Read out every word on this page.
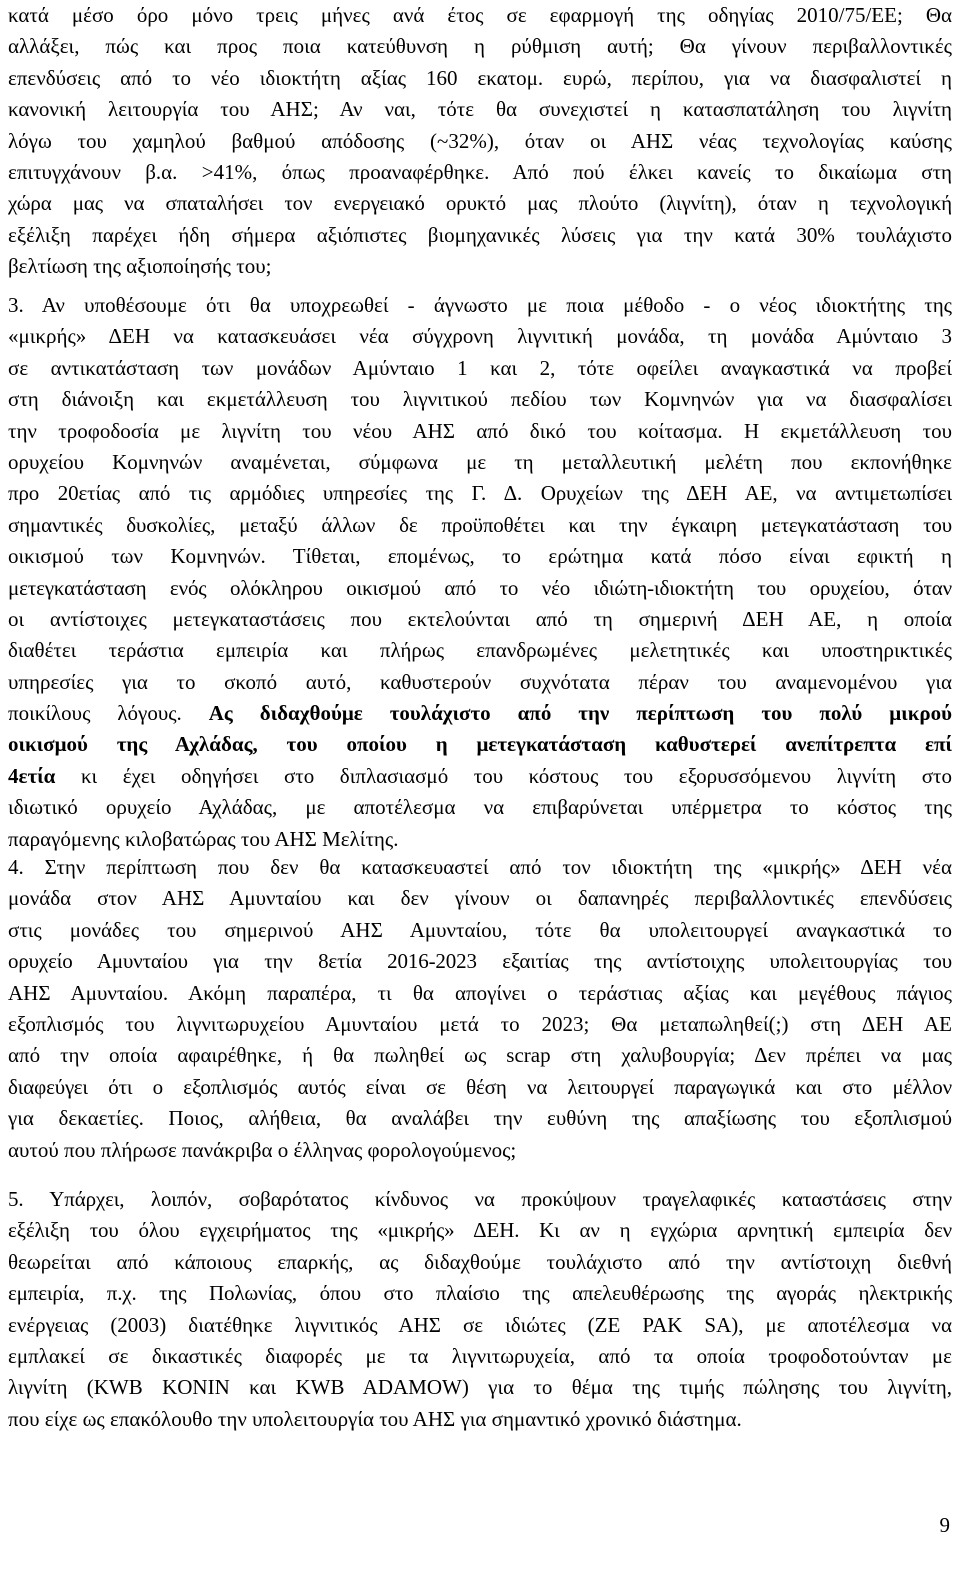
κατά μέσο όρο μόνο τρεις μήνες ανά έτος σε εφαρμογή της οδηγίας 2010/75/ΕΕ; Θα
αλλάξει, πώς και προς ποια κατεύθυνση η ρύθμιση αυτή; Θα γίνουν περιβαλλοντικές
επενδύσεις από το νέο ιδιοκτήτη αξίας 160 εκατομ. ευρώ, περίπου, για να διασφαλιστεί η
κανονική λειτουργία του ΑΗΣ; Αν ναι, τότε θα συνεχιστεί η κατασπατάληση του λιγνίτη
λόγω του χαμηλού βαθμού απόδοσης (~32%), όταν οι ΑΗΣ νέας τεχνολογίας καύσης
επιτυγχάνουν β.α. >41%, όπως προαναφέρθηκε. Από πού έλκει κανείς το δικαίωμα στη
χώρα μας να σπαταλήσει τον ενεργειακό ορυκτό μας πλούτο (λιγνίτη), όταν η τεχνολογική
εξέλιξη παρέχει ήδη σήμερα αξιόπιστες βιομηχανικές λύσεις για την κατά 30% τουλάχιστο
βελτίωση της αξιοποίησής του;
3. Αν υποθέσουμε ότι θα υποχρεωθεί - άγνωστο με ποια μέθοδο - ο νέος ιδιοκτήτης της
«μικρής» ΔΕΗ να κατασκευάσει νέα σύγχρονη λιγνιτική μονάδα, τη μονάδα Αμύνταιο 3
σε αντικατάσταση των μονάδων Αμύνταιο 1 και 2, τότε οφείλει αναγκαστικά να προβεί
στη διάνοιξη και εκμετάλλευση του λιγνιτικού πεδίου των Κομνηνών για να διασφαλίσει
την τροφοδοσία με λιγνίτη του νέου ΑΗΣ από δικό του κοίτασμα. Η εκμετάλλευση του
ορυχείου Κομνηνών αναμένεται, σύμφωνα με τη μεταλλευτική μελέτη που εκπονήθηκε
προ 20ετίας από τις αρμόδιες υπηρεσίες της Γ. Δ. Ορυχείων της ΔΕΗ ΑΕ, να αντιμετωπίσει
σημαντικές δυσκολίες, μεταξύ άλλων δε προϋποθέτει και την έγκαιρη μετεγκατάσταση του
οικισμού των Κομνηνών. Τίθεται, επομένως, το ερώτημα κατά πόσο είναι εφικτή η
μετεγκατάσταση ενός ολόκληρου οικισμού από το νέο ιδιώτη-ιδιοκτήτη του ορυχείου, όταν
οι αντίστοιχες μετεγκαταστάσεις που εκτελούνται από τη σημερινή ΔΕΗ ΑΕ, η οποία
διαθέτει τεράστια εμπειρία και πλήρως επανδρωμένες μελετητικές και υποστηρικτικές
υπηρεσίες για το σκοπό αυτό, καθυστερούν συχνότατα πέραν του αναμενομένου για
ποικίλους λόγους. Ας διδαχθούμε τουλάχιστο από την περίπτωση του πολύ μικρού
οικισμού της Αχλάδας, του οποίου η μετεγκατάσταση καθυστερεί ανεπίτρεπτα επί
4ετία κι έχει οδηγήσει στο διπλασιασμό του κόστους του εξορυσσόμενου λιγνίτη στο
ιδιωτικό ορυχείο Αχλάδας, με αποτέλεσμα να επιβαρύνεται υπέρμετρα το κόστος της
παραγόμενης κιλοβατώρας του ΑΗΣ Μελίτης.
4. Στην περίπτωση που δεν θα κατασκευαστεί από τον ιδιοκτήτη της «μικρής» ΔΕΗ νέα
μονάδα στον ΑΗΣ Αμυνταίου και δεν γίνουν οι δαπανηρές περιβαλλοντικές επενδύσεις
στις μονάδες του σημερινού ΑΗΣ Αμυνταίου, τότε θα υπολειτουργεί αναγκαστικά το
ορυχείο Αμυνταίου για την 8ετία 2016-2023 εξαιτίας της αντίστοιχης υπολειτουργίας του
ΑΗΣ Αμυνταίου. Ακόμη παραπέρα, τι θα απογίνει ο τεράστιας αξίας και μεγέθους πάγιος
εξοπλισμός του λιγνιτωρυχείου Αμυνταίου μετά το 2023; Θα μεταπωληθεί(;) στη ΔΕΗ ΑΕ
από την οποία αφαιρέθηκε, ή θα πωληθεί ως scrap στη χαλυβουργία; Δεν πρέπει να μας
διαφεύγει ότι ο εξοπλισμός αυτός είναι σε θέση να λειτουργεί παραγωγικά και στο μέλλον
για δεκαετίες. Ποιος, αλήθεια, θα αναλάβει την ευθύνη της απαξίωσης του εξοπλισμού
αυτού που πλήρωσε πανάκριβα ο έλληνας φορολογούμενος;
5. Υπάρχει, λοιπόν, σοβαρότατος κίνδυνος να προκύψουν τραγελαφικές καταστάσεις στην
εξέλιξη του όλου εγχειρήματος της «μικρής» ΔΕΗ. Κι αν η εγχώρια αρνητική εμπειρία δεν
θεωρείται από κάποιους επαρκής, ας διδαχθούμε τουλάχιστο από την αντίστοιχη διεθνή
εμπειρία, π.χ. της Πολωνίας, όπου στο πλαίσιο της απελευθέρωσης της αγοράς ηλεκτρικής
ενέργειας (2003) διατέθηκε λιγνιτικός ΑΗΣ σε ιδιώτες (ZE PAK SA), με αποτέλεσμα να
εμπλακεί σε δικαστικές διαφορές με τα λιγνιτωρυχεία, από τα οποία τροφοδοτούνταν με
λιγνίτη (KWB KONIN και KWB ADAMOW) για το θέμα της τιμής πώλησης του λιγνίτη,
που είχε ως επακόλουθο την υπολειτουργία του ΑΗΣ για σημαντικό χρονικό διάστημα.
9
